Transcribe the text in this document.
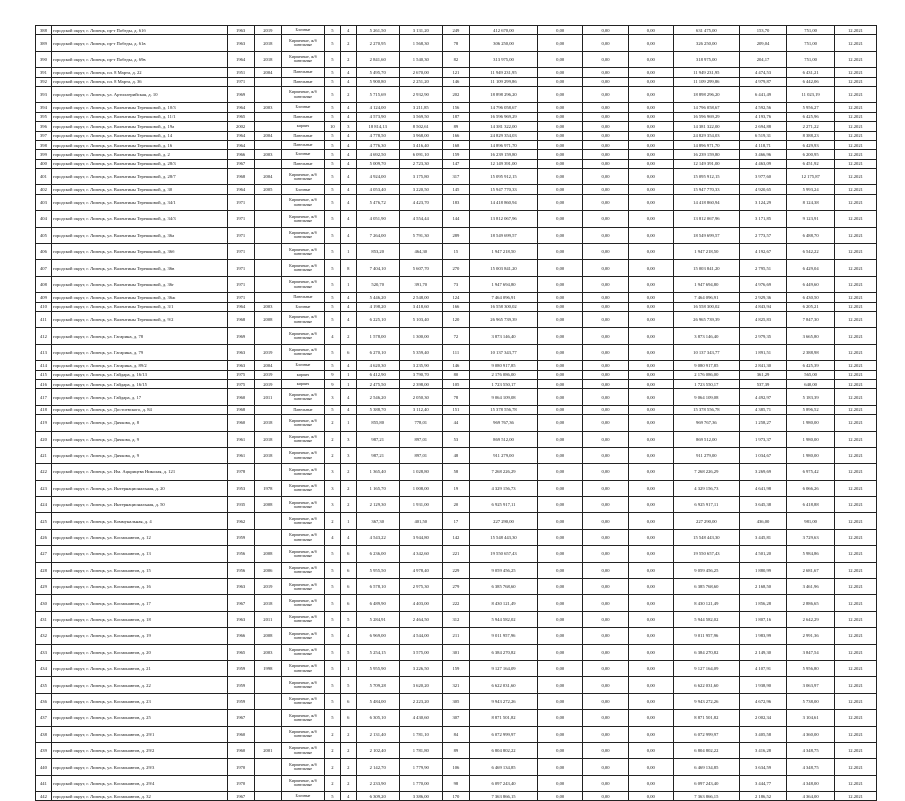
388	городской округ, г. Липецк, пр-т Победы, д. 61б	1963	2019	Блочные	5	4	5 261,50	3 131,20	249	412 670,00	0,00	0,00	0,00	631 475,00	153,70	751,00	12.2021
389	городской округ, г. Липецк, пр-т Победы, д. 61в	1963	2018	Кирпичные, ж/б панельные	5	2	2 270,95	1 568,30	78	306 250,00	0,00	0,00	0,00	326 250,00	209,04	751,00	12.2021
390	городской округ, г. Липецк, пр-т Победы, д. 69в	1964	2018	Кирпичные, ж/б панельные	5	2	2 841,60	1 540,30	82	313 975,00	0,00	0,00	0,00	318 975,00	204,17	751,00	12.2021
391	городской округ, г. Липецк, пл. 8 Марта, д. 22	1951	2004	Панельные	5	4	5 495,70	2 670,00	121	11 949 231,95	0,00	0,00	0,00	11 949 231,95	4 474,53	6 431,21	12.2021
392	городской округ, г. Липецк, пл. 8 Марта, д. 36	1971		Панельные	5	4	5 900,80	2 251,20	146	11 109 299,86	0,00	0,00	0,00	11 109 299,86	4 979,87	6 442,06	12.2021
393	городской округ, г. Липецк, ул. Артиллерийская, д. 10	1969		Кирпичные, ж/б панельные	5	2	5 715,69	2 932,90	202	18 898 296,20	0,00	0,00	0,00	18 898 296,20	6 441,49	11 023,19	12.2021
394	городской округ, г. Липецк, ул. Валентины Терешковой, д. 10/3	1964	2003	Блочные	5	4	4 124,00	3 211,85	156	14 796 058,67	0,00	0,00	0,00	14 796 058,67	4 592,56	5 956,27	12.2021
395	городской округ, г. Липецк, ул. Валентины Терешковой, д. 11/1	1965		Панельные	5	4	4 573,90	3 569,50	187	16 596 969,29	0,00	0,00	0,00	16 596 969,29	4 193,76	6 425,96	12.2021
396	городской округ, г. Липецк, ул. Валентины Терешковой, д. 19а	2002		кирпич	10	3	18 814,13	8 502,61	89	14 381 322,00	0,00	0,00	0,00	14 381 322,00	2 694,88	2 271,22	12.2021
397	городской округ, г. Липецк, ул. Валентины Терешковой, д. 14	1964	2004	Панельные	5	4	4 778,50	3 968,00	166	24 829 354,03	0,00	0,00	0,00	24 829 354,03	6 519,31	8 388,23	12.2021
398	городской округ, г. Липецк, ул. Валентины Терешковой, д. 16	1964		Панельные	5	4	4 776,30	3 416,40	168	14 896 971,70	0,00	0,00	0,00	14 896 971,70	4 118,71	6 429,93	12.2021
399	городской округ, г. Липецк, ул. Валентины Терешковой, д. 2	1966	2003	Блочные	5	4	4 692,50	6 091,10	159	16 239 159,80	0,00	0,00	0,00	16 239 159,80	3 466,96	6 200,95	12.2021
400	городской округ, г. Липецк, ул. Валентины Терешковой, д. 28/3	1967		Панельные	5	4	5 009,70	2 723,30	147	12 149 391,00	0,00	0,00	0,00	12 149 391,00	4 463,09	6 451,92	12.2021
401	городской округ, г. Липецк, ул. Валентины Терешковой, д. 28/7	1968	2004	Кирпичные, ж/б панельные	5	4	4 924,00	3 175,80	317	15 095 912,15	0,00	0,00	0,00	15 095 912,15	3 977,60	12 175,87	12.2021
402	городской округ, г. Липецк, ул. Валентины Терешковой, д. 30	1964	2005	Блочные	5	4	4 053,40	3 220,50	145	15 947 770,33	0,00	0,00	0,00	15 947 770,33	4 920,65	5 993,24	12.2021
403	городской округ, г. Липецк, ул. Валентины Терешковой, д. 34/1	1971		Кирпичные, ж/б панельные	5	4	5 476,72	4 423,70	183	14 418 860,94	0,00	0,00	0,00	14 418 860,94	3 124,29	8 124,38	12.2021
404	городской округ, г. Липецк, ул. Валентины Терешковой, д. 34/3	1971		Кирпичные, ж/б панельные	5	4	4 051,90	4 554,44	144	13 812 067,96	0,00	0,00	0,00	13 812 067,96	3 171,85	9 123,91	12.2021
405	городской округ, г. Липецк, ул. Валентины Терешковой, д. 36а	1971		Кирпичные, ж/б панельные	5	4	7 264,00	5 791,30	289	18 549 699,57	0,00	0,00	0,00	18 549 699,57	2 773,57	6 488,70	12.2021
406	городской округ, г. Липецк, ул. Валентины Терешковой, д. 36б	1971		Кирпичные, ж/б панельные	5	1	853,20	464,30	15	1 947 218,50	0,00	0,00	0,00	1 947 218,50	4 192,67	6 542,22	12.2021
407	городской округ, г. Липецк, ул. Валентины Терешковой, д. 36в	1971		Кирпичные, ж/б панельные	5	8	7 404,10	5 607,70	270	15 003 841,20	0,00	0,00	0,00	15 003 841,20	2 795,51	6 429,04	12.2021
408	городской округ, г. Липецк, ул. Валентины Терешковой, д. 36г	1971		Кирпичные, ж/б панельные	5	1	520,70	391,70	73	1 947 694,80	0,00	0,00	0,00	1 947 694,80	4 976,69	6 449,60	12.2021
409	городской округ, г. Липецк, ул. Валентины Терешковой, д. 36ж	1971		Панельные	5	4	5 446,20	2 548,00	124	7 464 096,91	0,00	0,00	0,00	7 464 096,91	2 929,36	6 430,50	12.2021
410	городской округ, г. Липецк, ул. Валентины Терешковой, д. 3/1	1964	2003	Блочные	5	4	4 198,20	3 418,60	166	16 558 300,02	0,00	0,00	0,00	16 558 300,02	4 843,94	6 205,21	12.2021
411	городской округ, г. Липецк, ул. Валентины Терешковой, д. 9/2	1968	2008	Кирпичные, ж/б панельные	5	4	6 225,10	5 103,40	120	26 965 739,39	0,00	0,00	0,00	26 965 739,39	4 825,83	7 847,30	12.2021
412	городской округ, г. Липецк, ул. Гагарина, д. 78	1969		Кирпичные, ж/б панельные	4	2	1 578,00	1 300,00	72	3 873 146,40	0,00	0,00	0,00	3 873 146,40	2 979,35	3 665,80	12.2021
413	городской округ, г. Липецк, ул. Гагарина, д. 79	1963	2019	Кирпичные, ж/б панельные	5	6	6 270,10	5 359,40	111	10 137 343,77	0,00	0,00	0,00	10 137 343,77	1 891,51	2 388,98	12.2021
414	городской округ, г. Липецк, ул. Гагарина, д. 89/2	1963	2004	Блочные	5	4	4 620,30	3 235,90	146	9 080 917,85	0,00	0,00	0,00	9 080 917,85	2 841,30	6 425,39	12.2021
415	городской округ, г. Липецк, ул. Гайдара, д. 16/13	1975	2019	кирпич	9	1	6 412,90	3 790,70	80	2 176 086,00	0,00	0,00	0,00	2 176 086,00	361,29	565,00	12.2021
416	городской округ, г. Липецк, ул. Гайдара, д. 16/15	1975	2019	кирпич	9	1	2 475,50	2 398,00	105	1 723 550,17	0,00	0,00	0,00	1 723 550,17	537,39	640,00	12.2021
417	городской округ, г. Липецк, ул. Гайдара, д. 17	1960	2011	Кирпичные, ж/б панельные	3	4	2 546,20	2 050,30	78	9 064 109,08	0,00	0,00	0,00	9 064 109,08	4 492,97	5 183,39	12.2021
418	городской округ, г. Липецк, ул. Достоевского, д. 84	1968		Панельные	5	4	5 388,70	3 112,40	151	15 378 556,78	0,00	0,00	0,00	15 378 556,78	4 385,71	5 896,52	12.2021
419	городской округ, г. Липецк, ул. Дячкова, д. 8	1960	2018	Кирпичные, ж/б панельные	2	1	855,80	778,01	44	969 767,36	0,00	0,00	0,00	969 767,36	1 258,27	1 980,00	12.2021
420	городской округ, г. Липецк, ул. Дячкова, д. 9	1961	2018	Кирпичные, ж/б панельные	2	3	987,21	897,01	53	869 512,00	0,00	0,00	0,00	869 512,00	1 973,37	1 980,00	12.2021
421	городской округ, г. Липецк, ул. Дячкова, д. 9	1961	2018	Кирпичные, ж/б панельные	2	3	987,21	897,01	48	911 279,00	0,00	0,00	0,00	911 279,00	1 034,67	1 980,00	12.2021
422	городской округ, г. Липецк, ул. Им. Ацкрицева Николая, д. 121	1978		Кирпичные, ж/б панельные	3	2	1 365,40	1 028,80	58	7 268 226,29	0,00	0,00	0,00	7 268 226,29	3 269,69	6 975,42	12.2021
423	городской округ, г. Липецк, ул. Интернациональная, д. 20	1953	1978	Кирпичные, ж/б панельные	3	2	1 165,70	1 008,00	19	4 329 156,73	0,00	0,00	0,00	4 329 156,73	4 641,98	6 066,26	12.2021
424	городской округ, г. Липецк, ул. Интернациональная, д. 50	1935	2008	Кирпичные, ж/б панельные	3	2	2 129,30	1 931,00	20	6 925 917,11	0,00	0,00	0,00	6 925 917,11	3 645,38	6 418,88	12.2021
425	городской округ, г. Липецк, ул. Коммунальная, д. 4	1962		Кирпичные, ж/б панельные	2	1	367,30	401,50	17	227 290,00	0,00	0,00	0,00	227 290,00	436,00	981,00	12.2021
426	городской округ, г. Липецк, ул. Космонавтов, д. 12	1959		Кирпичные, ж/б панельные	4	4	4 543,22	3 944,80	142	15 548 443,30	0,00	0,00	0,00	15 548 443,30	3 445,81	3 729,63	12.2021
427	городской округ, г. Липецк, ул. Космонавтов, д. 13	1956	2008	Кирпичные, ж/б панельные	5	6	6 236,00	4 342,60	221	19 550 657,43	0,00	0,00	0,00	19 550 657,43	4 501,20	5 984,86	12.2021
428	городской округ, г. Липецк, ул. Космонавтов, д. 15	1956	2006	Кирпичные, ж/б панельные	5	6	5 955,50	4 978,40	229	9 059 456,25	0,00	0,00	0,00	9 059 456,25	1 880,99	2 681,67	12.2021
429	городской округ, г. Липецк, ул. Космонавтов, д. 16	1963	2019	Кирпичные, ж/б панельные	5	6	6 578,10	2 975,30	279	6 385 768,60	0,00	0,00	0,00	6 385 768,60	2 168,50	3 461,96	12.2021
430	городской округ, г. Липецк, ул. Космонавтов, д. 17	1967	2018	Кирпичные, ж/б панельные	5	6	6 489,90	4 403,00	222	8 430 121,49	0,00	0,00	0,00	8 430 121,49	1 856,28	2 886,65	12.2021
431	городской округ, г. Липецк, ул. Космонавтов, д. 18	1963	2011	Кирпичные, ж/б панельные	5	5	5 284,91	2 464,50	312	5 944 582,02	0,00	0,00	0,00	5 944 582,02	1 807,16	2 642,29	12.2021
432	городской округ, г. Липецк, ул. Космонавтов, д. 19	1966	2008	Кирпичные, ж/б панельные	5	4	6 969,00	4 544,00	211	9 011 957,96	0,00	0,00	0,00	9 011 957,96	1 983,99	2 991,36	12.2021
433	городской округ, г. Липецк, ул. Космонавтов, д. 20	1965	2003	Кирпичные, ж/б панельные	5	5	5 254,15	3 575,00	301	6 384 270,82	0,00	0,00	0,00	6 384 270,82	2 149,30	3 847,54	12.2021
434	городской округ, г. Липецк, ул. Космонавтов, д. 21	1959	1998	Кирпичные, ж/б панельные	5	1	5 955,90	3 226,50	159	9 127 164,09	0,00	0,00	0,00	9 127 164,09	4 107,91	5 956,80	12.2021
435	городской округ, г. Липецк, ул. Космонавтов, д. 22	1959		Кирпичные, ж/б панельные	5	5	5 709,28	3 620,20	321	6 622 031,60	0,00	0,00	0,00	6 622 031,60	1 938,90	3 063,97	12.2021
436	городской округ, г. Липецк, ул. Космонавтов, д. 23	1959		Кирпичные, ж/б панельные	5	6	5 484,00	2 223,20	305	9 943 272,26	0,00	0,00	0,00	9 943 272,26	4 672,96	5 738,00	12.2021
437	городской округ, г. Липецк, ул. Космонавтов, д. 25	1967		Кирпичные, ж/б панельные	5	6	6 305,10	4 430,60	307	8 871 501,82	0,00	0,00	0,00	8 871 501,82	2 002,34	3 104,61	12.2021
438	городской округ, г. Липецк, ул. Космонавтов, д. 29/1	1960		Кирпичные, ж/б панельные	2	2	2 131,40	1 781,10	84	6 072 999,97	0,00	0,00	0,00	6 072 999,97	3 405,58	4 360,00	12.2021
439	городской округ, г. Липецк, ул. Космонавтов, д. 29/2	1960	2001	Кирпичные, ж/б панельные	2	2	2 102,40	1 781,80	89	6 804 802,22	0,00	0,00	0,00	6 804 802,22	3 416,28	4 348,75	12.2021
440	городской округ, г. Липецк, ул. Космонавтов, д. 29/3	1970		Кирпичные, ж/б панельные	2	2	2 142,70	1 779,90	106	6 469 134,85	0,00	0,00	0,00	6 469 134,85	3 634,59	4 348,75	12.2021
441	городской округ, г. Липецк, ул. Космонавтов, д. 29/4	1970		Кирпичные, ж/б панельные	2	2	2 233,90	1 770,00	98	6 097 243,40	0,00	0,00	0,00	6 097 243,40	3 444,77	4 348,00	12.2021
442	городской округ, г. Липецк, ул. Космонавтов, д. 32	1967		Блочные	5	4	6 309,20	3 386,00	170	7 363 866,15	0,00	0,00	0,00	7 363 866,15	2 186,52	4 364,00	12.2021
